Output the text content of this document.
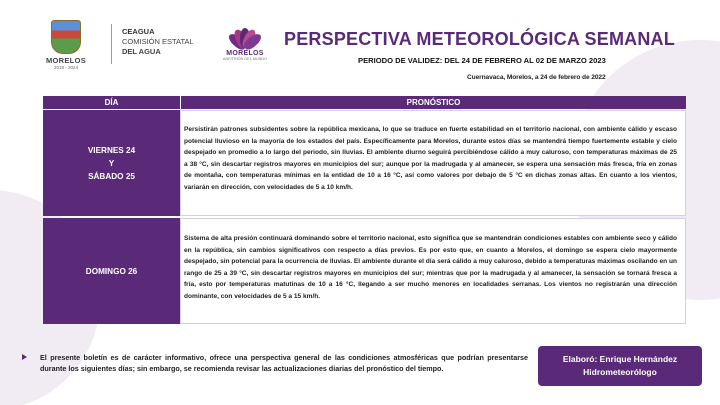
MORELOS
2018 - 2024
CEAGUA
COMISIÓN ESTATAL
DEL AGUA	MORELOS
ANFITRIÓN DEL MUNDO
PERSPECTIVA METEOROLÓGICA SEMANAL
PERIODO DE VALIDEZ: DEL 24 DE FEBRERO AL 02 DE MARZO 2023
Cuernavaca, Morelos, a 24 de febrero de 2022
DÍA	PRONÓSTICO
VIERNES 24
Y
SÁBADO 25

Persistirán patrones subsidentes sobre la república mexicana, lo que se traduce en fuerte estabilidad en el territorio nacional, con ambiente cálido y escaso potencial lluvioso en la mayoría de los estados del país. Específicamente para Morelos, durante estos días se mantendrá tiempo fuertemente estable y cielo despejado en promedio a lo largo del periodo, sin lluvias. El ambiente diurno seguirá percibiéndose cálido a muy caluroso, con temperaturas máximas de 25 a 38 °C, sin descartar registros mayores en municipios del sur; aunque por la madrugada y al amanecer, se espera una sensación más fresca, fría en zonas de montaña, con temperaturas mínimas en la entidad de 10 a 16 °C, así como valores por debajo de 5 °C en dichas zonas altas. En cuanto a los vientos, variarán en dirección, con velocidades de 5 a 10 km/h.

DOMINGO 26

Sistema de alta presión continuará dominando sobre el territorio nacional, esto significa que se mantendrán condiciones estables con ambiente seco y cálido en la república, sin cambios significativos con respecto a días previos. Es por esto que, en cuanto a Morelos, el domingo se espera cielo mayormente despejado, sin potencial para la ocurrencia de lluvias. El ambiente durante el día será cálido a muy caluroso, debido a temperaturas máximas oscilando en un rango de 25 a 39 °C, sin descartar registros mayores en municipios del sur; mientras que por la madrugada y al amanecer, la sensación se tornará fresca a fría, esto por temperaturas matutinas de 10 a 16 °C, llegando a ser mucho menores en localidades serranas. Los vientos no registrarán una dirección dominante, con velocidades de 5 a 15 km/h.

El presente boletín es de carácter informativo, ofrece una perspectiva general de las condiciones atmosféricas que podrían presentarse durante los siguientes días; sin embargo, se recomienda revisar las actualizaciones diarias del pronóstico del tiempo.

Elaboró: Enrique Hernández
Hidrometeorólogo
